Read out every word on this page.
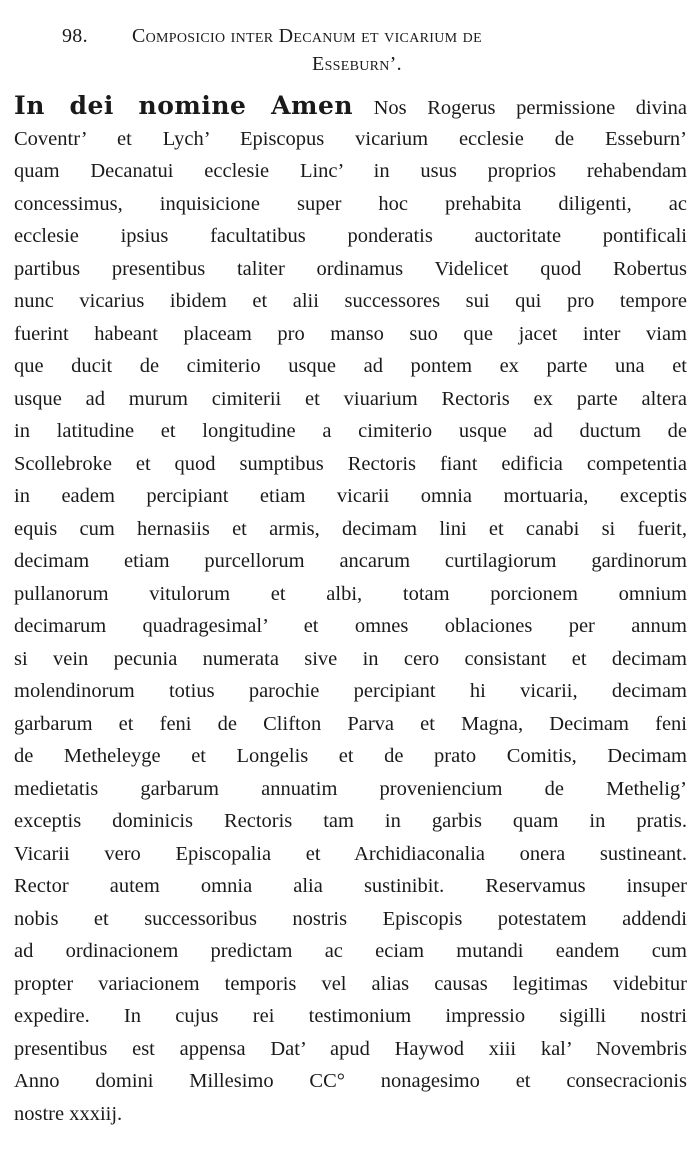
98. Composicio inter Decanum et vicarium de
Esseburn’.
In dei nomine Amen Nos Rogerus permissione divina
Coventr’ et Lych’ Episcopus vicarium ecclesie de Esseburn’
quam Decanatui ecclesie Linc’ in usus proprios rehabendam
concessimus, inquisicione super hoc prehabita diligenti, ac
ecclesie ipsius facultatibus ponderatis auctoritate pontificali
partibus presentibus taliter ordinamus Videlicet quod Robertus
nunc vicarius ibidem et alii successores sui qui pro tempore
fuerint habeant placeam pro manso suo que jacet inter viam
que ducit de cimiterio usque ad pontem ex parte una et
usque ad murum cimiterii et viuarium Rectoris ex parte altera
in latitudine et longitudine a cimiterio usque ad ductum de
Scollebroke et quod sumptibus Rectoris fiant edificia competentia
in eadem percipiant etiam vicarii omnia mortuaria, exceptis
equis cum hernasiis et armis, decimam lini et canabi si fuerit,
decimam etiam purcellorum ancarum curtilagiorum gardinorum
pullanorum vitulorum et albi, totam porcionem omnium
decimarum quadragesimal’ et omnes oblaciones per annum
si vein pecunia numerata sive in cero consistant et decimam
molendinorum totius parochie percipiant hi vicarii, decimam
garbarum et feni de Clifton Parva et Magna, Decimam feni
de Metheleyge et Longelis et de prato Comitis, Decimam
medietatis garbarum annuatim proveniencium de Methelig’
exceptis dominicis Rectoris tam in garbis quam in pratis.
Vicarii vero Episcopalia et Archidiaconalia onera sustineant.
Rector autem omnia alia sustinibit. Reservamus insuper
nobis et successoribus nostris Episcopis potestatem addendi
ad ordinacionem predictam ac eciam mutandi eandem cum
propter variacionem temporis vel alias causas legitimas videbitur
expedire. In cujus rei testimonium impressio sigilli nostri
presentibus est appensa Dat’ apud Haywod xiii kal’ Novembris
Anno domini Millesimo CC° nonagesimo et consecracionis
nostre xxxiij.
